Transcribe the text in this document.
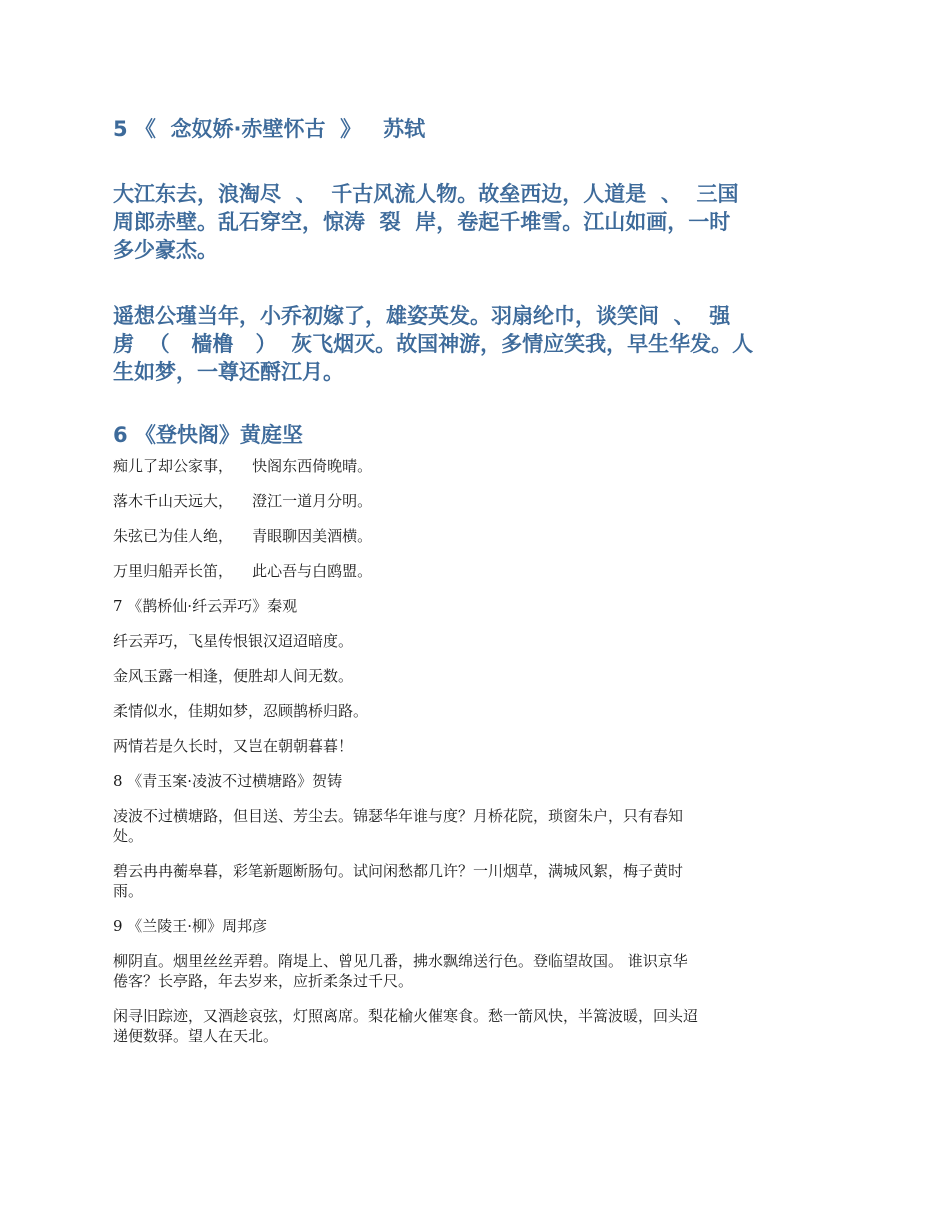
5 《  念奴娇·赤壁怀古  》   苏轼
大江东去，浪淘尽  、  千古风流人物。故垒西边，人道是  、  三国
周郎赤壁。乱石穿空，惊涛  裂  岸，卷起千堆雪。江山如画，一时
多少豪杰。
遥想公瑾当年，小乔初嫁了，雄姿英发。羽扇纶巾，谈笑间  、  强
虏  （   樯橹   ）  灰飞烟灭。故国神游，多情应笑我，早生华发。人
生如梦，一尊还酹江月。
6 《登快阁》黄庭坚
痴儿了却公家事，    快阁东西倚晚晴。
落木千山天远大，    澄江一道月分明。
朱弦已为佳人绝，    青眼聊因美酒横。
万里归船弄长笛，    此心吾与白鸥盟。
7 《鹊桥仙·纤云弄巧》秦观
纤云弄巧，飞星传恨银汉迢迢暗度。
金风玉露一相逢，便胜却人间无数。
柔情似水，佳期如梦，忍顾鹊桥归路。
两情若是久长时，又岂在朝朝暮暮！
8 《青玉案·凌波不过横塘路》贺铸
凌波不过横塘路，但目送、芳尘去。锦瑟华年谁与度？月桥花院，琐窗朱户，只有春知
处。
碧云冉冉蘅皋暮，彩笔新题断肠句。试问闲愁都几许？一川烟草，满城风絮，梅子黄时
雨。
9 《兰陵王·柳》周邦彦
柳阴直。烟里丝丝弄碧。隋堤上、曾见几番，拂水飘绵送行色。登临望故国。 谁识京华
倦客？长亭路，年去岁来，应折柔条过千尺。
闲寻旧踪迹，又酒趁哀弦，灯照离席。梨花榆火催寒食。愁一箭风快，半篙波暖，回头迢
递便数驿。望人在天北。
